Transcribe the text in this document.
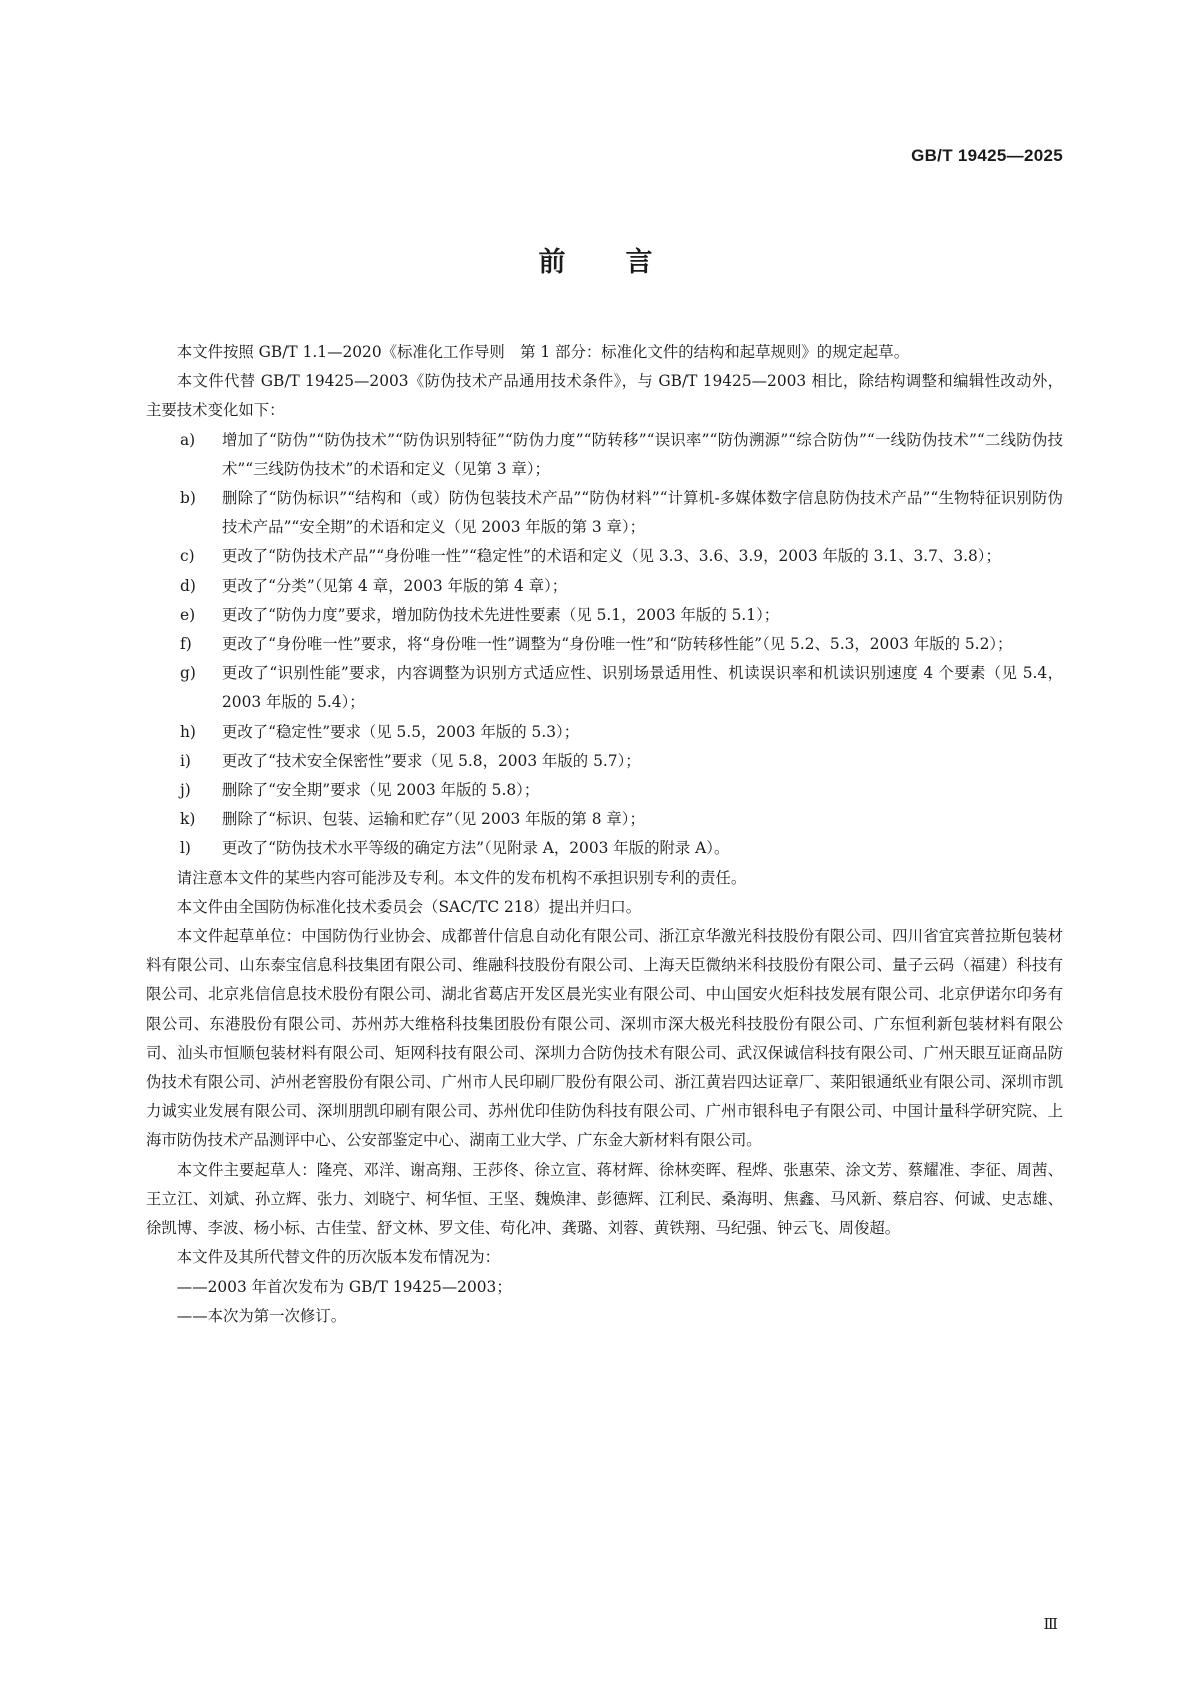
GB/T 19425—2025
前言

本文件按照 GB/T 1.1—2020《标准化工作导则　第 1 部分：标准化文件的结构和起草规则》的规定起草。

本文件代替 GB/T 19425—2003《防伪技术产品通用技术条件》，与 GB/T 19425—2003 相比，除结构调整和编辑性改动外，主要技术变化如下：

a)	增加了“防伪”“防伪技术”“防伪识别特征”“防伪力度”“防转移”“误识率”“防伪溯源”“综合防伪”“一线防伪技术”“二线防伪技术”“三线防伪技术”的术语和定义（见第 3 章）；
b)	删除了“防伪标识”“结构和（或）防伪包装技术产品”“防伪材料”“计算机-多媒体数字信息防伪技术产品”“生物特征识别防伪技术产品”“安全期”的术语和定义（见 2003 年版的第 3 章）；
c)	更改了“防伪技术产品”“身份唯一性”“稳定性”的术语和定义（见 3.3、3.6、3.9，2003 年版的 3.1、3.7、3.8）；
d)	更改了“分类”（见第 4 章，2003 年版的第 4 章）；
e)	更改了“防伪力度”要求，增加防伪技术先进性要素（见 5.1，2003 年版的 5.1）；
f)	更改了“身份唯一性”要求，将“身份唯一性”调整为“身份唯一性”和“防转移性能”（见 5.2、5.3，2003 年版的 5.2）；
g)	更改了“识别性能”要求，内容调整为识别方式适应性、识别场景适用性、机读误识率和机读识别速度 4 个要素（见 5.4，2003 年版的 5.4）；
h)	更改了“稳定性”要求（见 5.5，2003 年版的 5.3）；
i)	更改了“技术安全保密性”要求（见 5.8，2003 年版的 5.7）；
j)	删除了“安全期”要求（见 2003 年版的 5.8）；
k)	删除了“标识、包装、运输和贮存”（见 2003 年版的第 8 章）；
l)	更改了“防伪技术水平等级的确定方法”（见附录 A，2003 年版的附录 A）。

请注意本文件的某些内容可能涉及专利。本文件的发布机构不承担识别专利的责任。

本文件由全国防伪标准化技术委员会（SAC/TC 218）提出并归口。

本文件起草单位：中国防伪行业协会、成都普什信息自动化有限公司、浙江京华激光科技股份有限公司、四川省宜宾普拉斯包装材料有限公司、山东泰宝信息科技集团有限公司、维融科技股份有限公司、上海天臣微纳米科技股份有限公司、量子云码（福建）科技有限公司、北京兆信信息技术股份有限公司、湖北省葛店开发区晨光实业有限公司、中山国安火炬科技发展有限公司、北京伊诺尔印务有限公司、东港股份有限公司、苏州苏大维格科技集团股份有限公司、深圳市深大极光科技股份有限公司、广东恒利新包装材料有限公司、汕头市恒顺包装材料有限公司、矩网科技有限公司、深圳力合防伪技术有限公司、武汉保诚信科技有限公司、广州天眼互证商品防伪技术有限公司、泸州老窖股份有限公司、广州市人民印刷厂股份有限公司、浙江黄岩四达证章厂、莱阳银通纸业有限公司、深圳市凯力诚实业发展有限公司、深圳朋凯印刷有限公司、苏州优印佳防伪科技有限公司、广州市银科电子有限公司、中国计量科学研究院、上海市防伪技术产品测评中心、公安部鉴定中心、湖南工业大学、广东金大新材料有限公司。

本文件主要起草人：隆亮、邓洋、谢高翔、王莎佟、徐立宣、蒋材辉、徐林奕晖、程烨、张惠荣、涂文芳、蔡耀准、李征、周茜、王立江、刘斌、孙立辉、张力、刘晓宁、柯华恒、王坚、魏焕津、彭德辉、江利民、桑海明、焦鑫、马风新、蔡启容、何诚、史志雄、徐凯博、李波、杨小标、古佳莹、舒文林、罗文佳、苟化冲、龚璐、刘蓉、黄铁翔、马纪强、钟云飞、周俊超。

本文件及其所代替文件的历次版本发布情况为：

——2003 年首次发布为 GB/T 19425—2003；

——本次为第一次修订。

Ⅲ
